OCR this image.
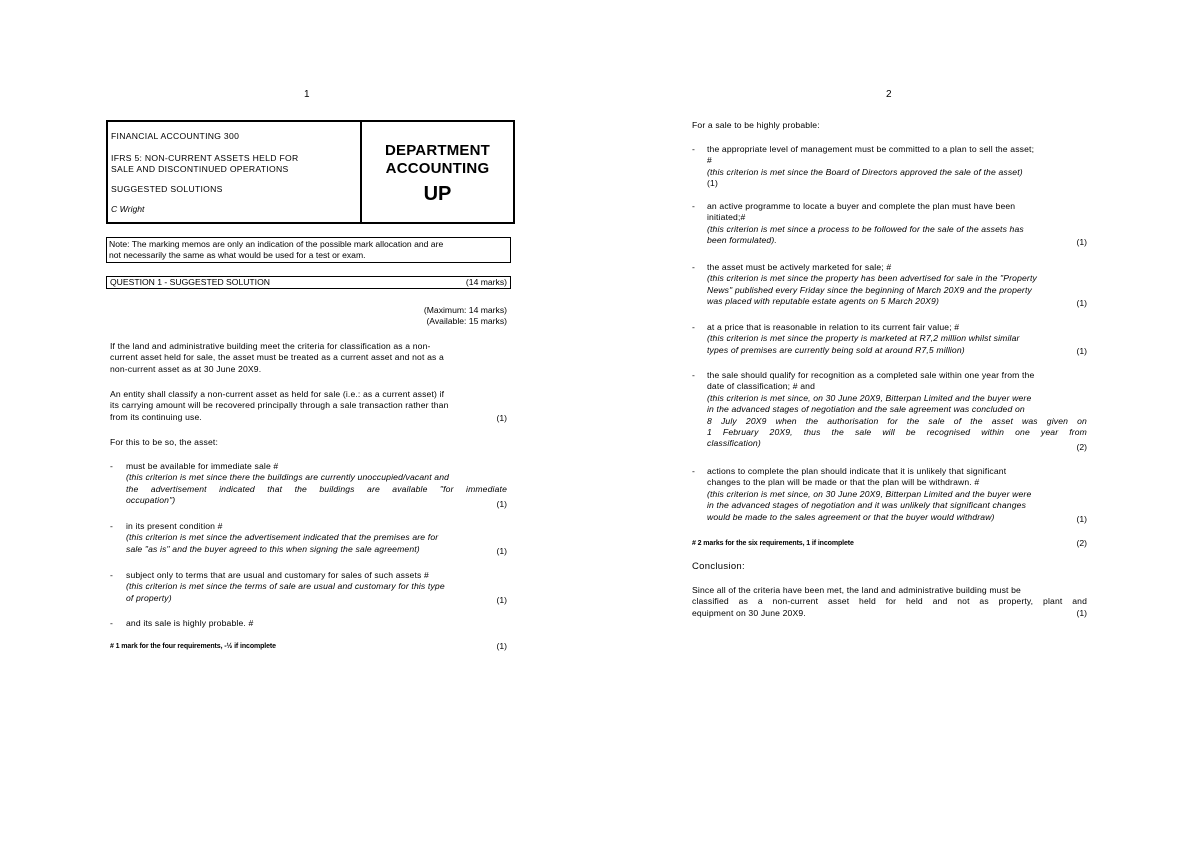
1
FINANCIAL ACCOUNTING 300
IFRS 5: NON-CURRENT ASSETS HELD FOR
SALE AND DISCONTINUED OPERATIONS
SUGGESTED SOLUTIONS
C Wright
DEPARTMENT
ACCOUNTING
UP
Note: The marking memos are only an indication of the possible mark allocation and are
not necessarily the same as what would be used for a test or exam.
QUESTION 1 - SUGGESTED SOLUTION	(14 marks)
(Maximum: 14 marks)
(Available: 15 marks)
If the land and administrative building meet the criteria for classification as a non-
current asset held for sale, the asset must be treated as a current asset and not as a
non-current asset as at 30 June 20X9.
An entity shall classify a non-current asset as held for sale (i.e.: as a current asset) if
its carrying amount will be recovered principally through a sale transaction rather than
from its continuing use.	(1)
For this to be so, the asset:
- must be available for immediate sale #
(this criterion is met since there the buildings are currently unoccupied/vacant and
the advertisement indicated that the buildings are available "for immediate
occupation")	(1)
- in its present condition #
(this criterion is met since the advertisement indicated that the premises are for
sale "as is" and the buyer agreed to this when signing the sale agreement)	(1)
- subject only to terms that are usual and customary for sales of such assets #
(this criterion is met since the terms of sale are usual and customary for this type
of property)	(1)
- and its sale is highly probable. #
# 1 mark for the four requirements, -½ if incomplete	(1)
2
For a sale to be highly probable:
- the appropriate level of management must be committed to a plan to sell the asset;
#
(this criterion is met since the Board of Directors approved the sale of the asset)
(1)
- an active programme to locate a buyer and complete the plan must have been
initiated;#
(this criterion is met since a process to be followed for the sale of the assets has
been formulated).	(1)
- the asset must be actively marketed for sale; #
(this criterion is met since the property has been advertised for sale in the "Property
News" published every Friday since the beginning of March 20X9 and the property
was placed with reputable estate agents on 5 March 20X9)	(1)
- at a price that is reasonable in relation to its current fair value; #
(this criterion is met since the property is marketed at R7,2 million whilst similar
types of premises are currently being sold at around R7,5 million)	(1)
- the sale should qualify for recognition as a completed sale within one year from the
date of classification; # and
(this criterion is met since, on 30 June 20X9, Bitterpan Limited and the buyer were
in the advanced stages of negotiation and the sale agreement was concluded on
8 July 20X9 when the authorisation for the sale of the asset was given on
1 February 20X9, thus the sale will be recognised within one year from
classification)	(2)
- actions to complete the plan should indicate that it is unlikely that significant
changes to the plan will be made or that the plan will be withdrawn. #
(this criterion is met since, on 30 June 20X9, Bitterpan Limited and the buyer were
in the advanced stages of negotiation and it was unlikely that significant changes
would be made to the sales agreement or that the buyer would withdraw)	(1)
# 2 marks for the six requirements, 1 if incomplete	(2)
Conclusion:
Since all of the criteria have been met, the land and administrative building must be
classified as a non-current asset held for held and not as property, plant and
equipment on 30 June 20X9.	(1)
